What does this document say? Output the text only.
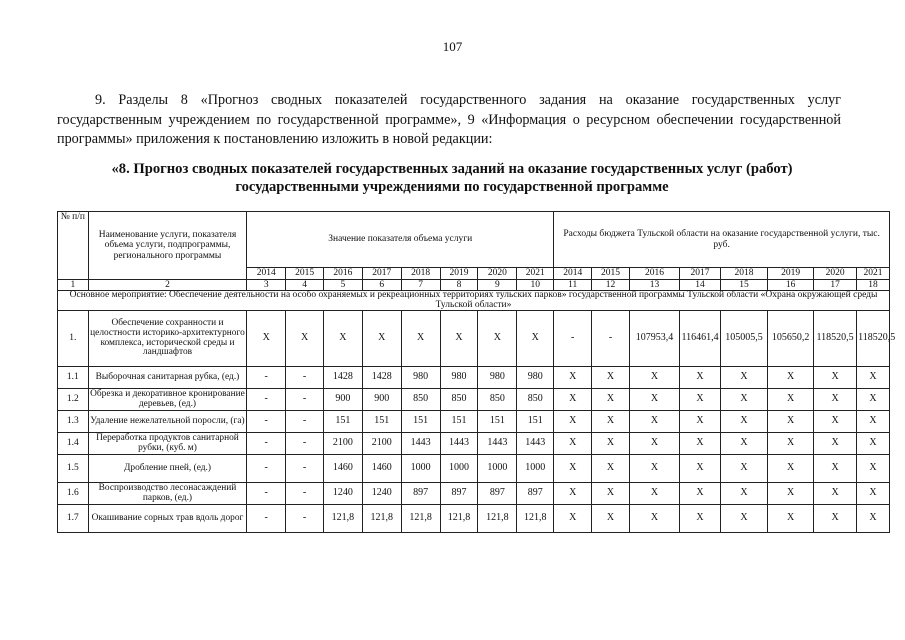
107

9. Разделы 8 «Прогноз сводных показателей государственного задания на оказание государственных услуг государственным учреждением по государственной программе», 9 «Информация о ресурсном обеспечении государственной программы» приложения к постановлению изложить в новой редакции:

«8. Прогноз сводных показателей государственных заданий на оказание государственных услуг (работ)
государственными учреждениями по государственной программе
№ п/п	Наименование услуги, показателя объема услуги, подпрограммы, регионального программы	Значение показателя объема услуги								Расходы бюджета Тульской области на оказание государственной услуги, тыс. руб.							
		2014	2015	2016	2017	2018	2019	2020	2021	2014	2015	2016	2017	2018	2019	2020	2021
1	2	3	4	5	6	7	8	9	10	11	12	13	14	15	16	17	18
Основное мероприятие: Обеспечение деятельности на особо охраняемых и рекреационных территориях тульских парков» государственной программы Тульской области «Охрана окружающей среды Тульской области»																	
1.	Обеспечение сохранности и целостности историко-архитектурного комплекса, исторической среды и ландшафтов	X	X	X	X	X	X	X	X	-	-	107953,4	116461,4	105005,5	105650,2	118520,5	118520,5
1.1	Выборочная санитарная рубка, (ед.)	-	-	1428	1428	980	980	980	980	X	X	X	X	X	X	X	X
1.2	Обрезка и декоративное кронирование деревьев, (ед.)	-	-	900	900	850	850	850	850	X	X	X	X	X	X	X	X
1.3	Удаление нежелательной поросли, (га)	-	-	151	151	151	151	151	151	X	X	X	X	X	X	X	X
1.4	Переработка продуктов санитарной рубки, (куб. м)	-	-	2100	2100	1443	1443	1443	1443	X	X	X	X	X	X	X	X
1.5	Дробление пней, (ед.)	-	-	1460	1460	1000	1000	1000	1000	X	X	X	X	X	X	X	X
1.6	Воспроизводство лесонасаждений парков, (ед.)	-	-	1240	1240	897	897	897	897	X	X	X	X	X	X	X	X
1.7	Окашивание сорных трав вдоль дорог	-	-	121,8	121,8	121,8	121,8	121,8	121,8	X	X	X	X	X	X	X	X
